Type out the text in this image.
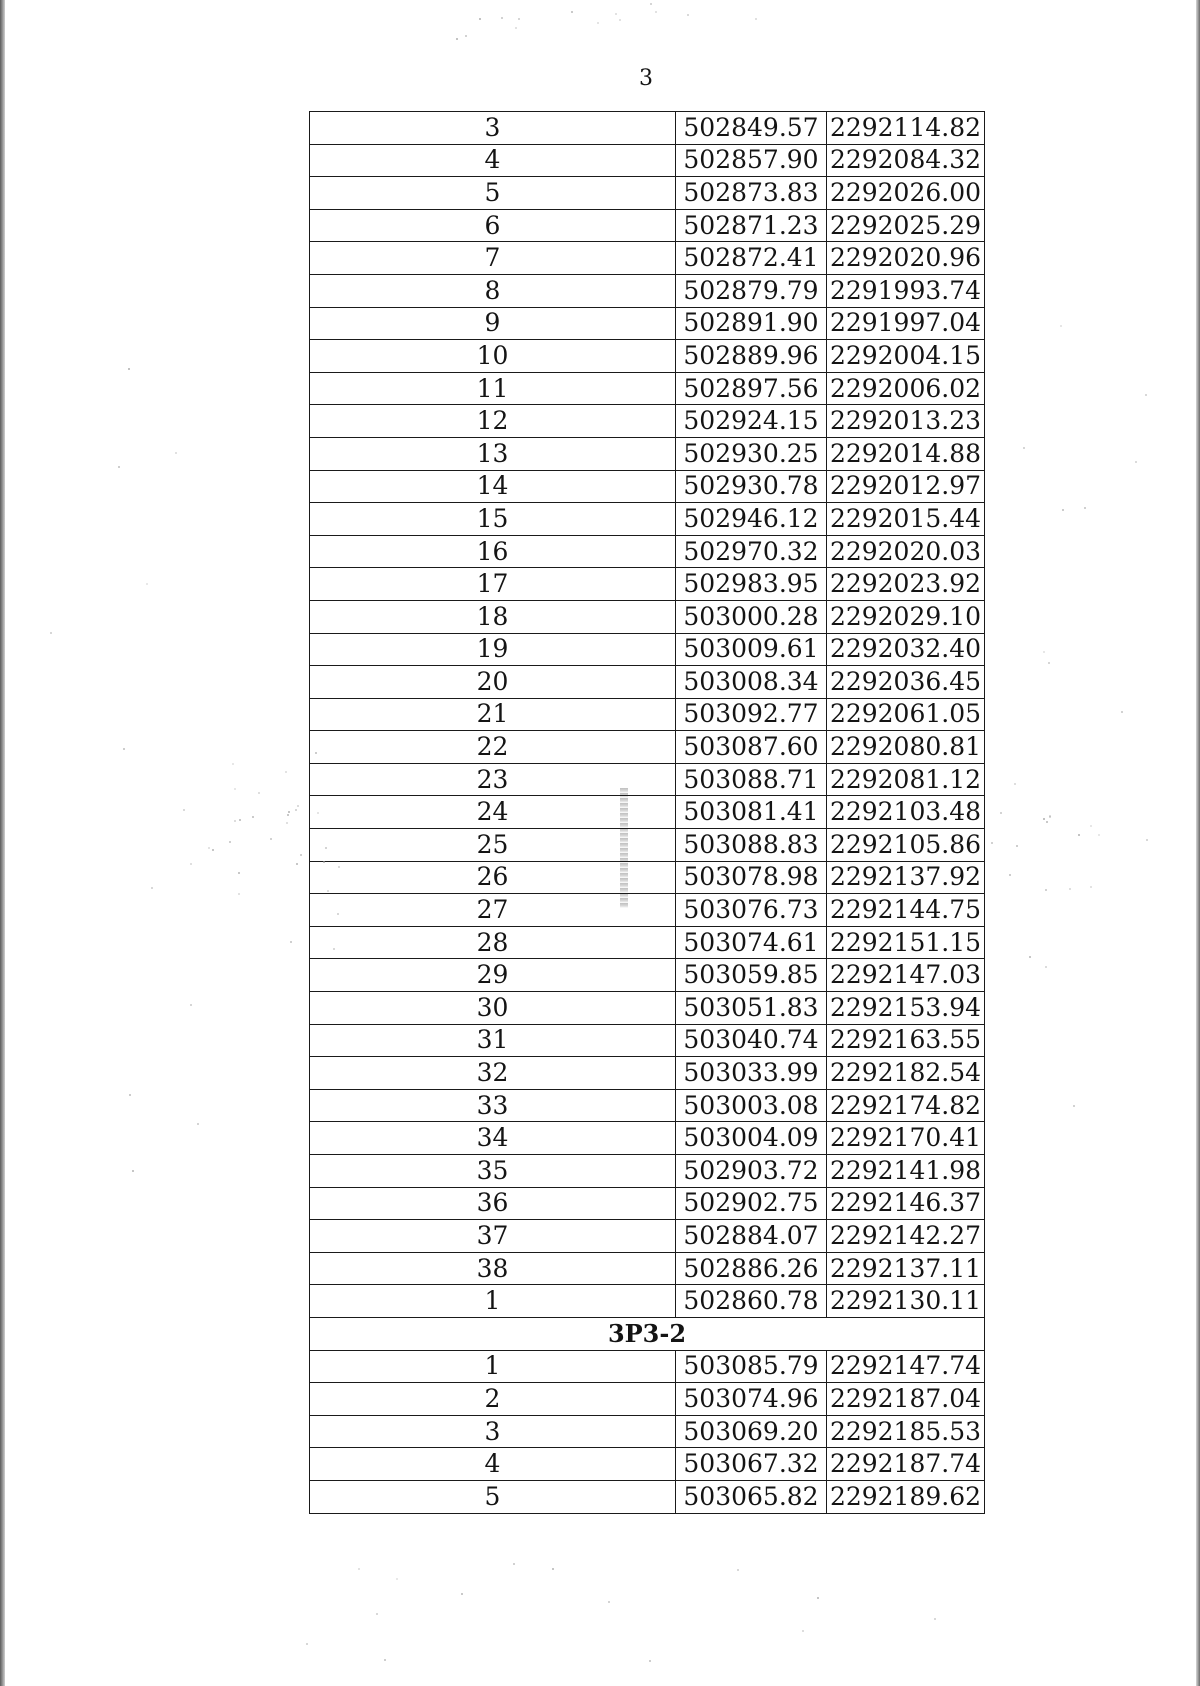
3
3	502849.57	2292114.82
4	502857.90	2292084.32
5	502873.83	2292026.00
6	502871.23	2292025.29
7	502872.41	2292020.96
8	502879.79	2291993.74
9	502891.90	2291997.04
10	502889.96	2292004.15
11	502897.56	2292006.02
12	502924.15	2292013.23
13	502930.25	2292014.88
14	502930.78	2292012.97
15	502946.12	2292015.44
16	502970.32	2292020.03
17	502983.95	2292023.92
18	503000.28	2292029.10
19	503009.61	2292032.40
20	503008.34	2292036.45
21	503092.77	2292061.05
22	503087.60	2292080.81
23	503088.71	2292081.12
24	503081.41	2292103.48
25	503088.83	2292105.86
26	503078.98	2292137.92
27	503076.73	2292144.75
28	503074.61	2292151.15
29	503059.85	2292147.03
30	503051.83	2292153.94
31	503040.74	2292163.55
32	503033.99	2292182.54
33	503003.08	2292174.82
34	503004.09	2292170.41
35	502903.72	2292141.98
36	502902.75	2292146.37
37	502884.07	2292142.27
38	502886.26	2292137.11
1	502860.78	2292130.11
3P3-2		
1	503085.79	2292147.74
2	503074.96	2292187.04
3	503069.20	2292185.53
4	503067.32	2292187.74
5	503065.82	2292189.62
